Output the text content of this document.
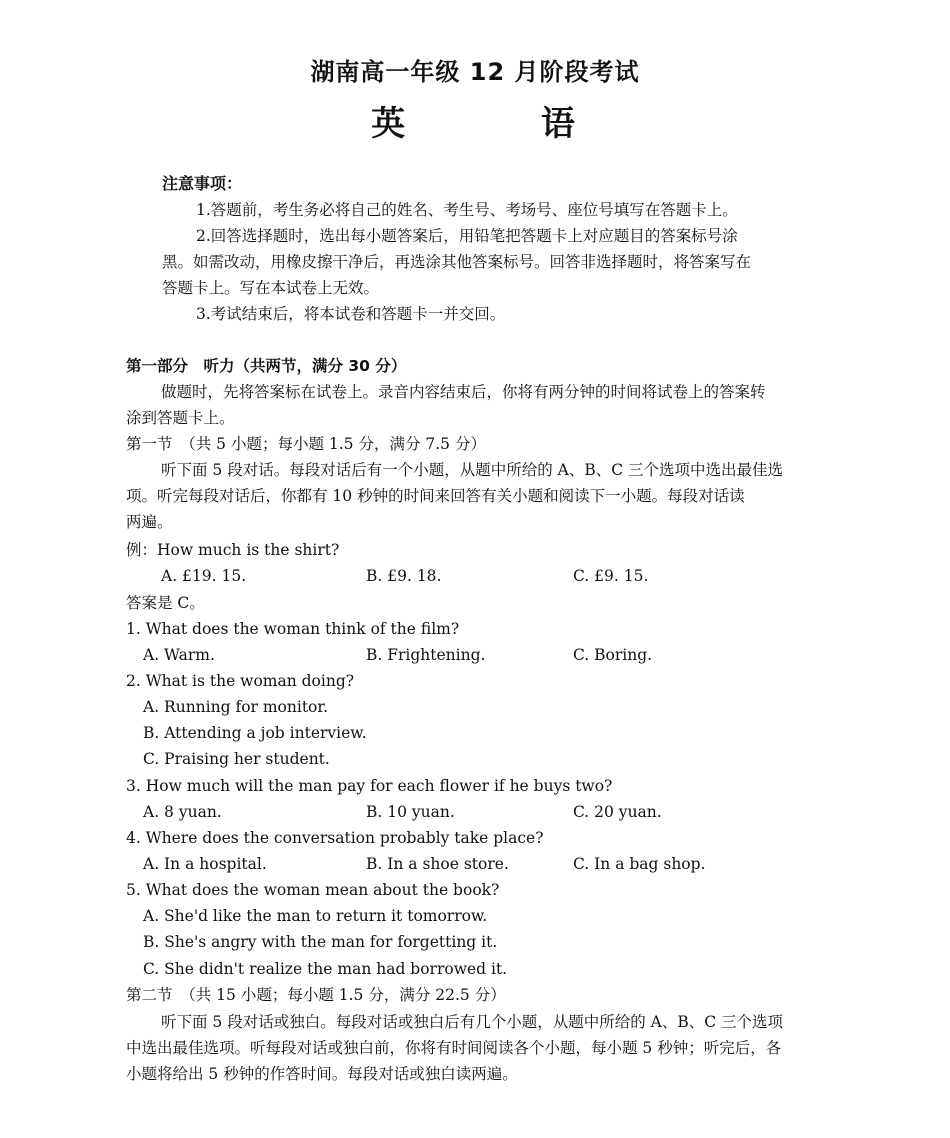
湖南高一年级 12 月阶段考试
英 语
注意事项：
1.答题前，考生务必将自己的姓名、考生号、考场号、座位号填写在答题卡上。
2.回答选择题时，选出每小题答案后，用铅笔把答题卡上对应题目的答案标号涂
黑。如需改动，用橡皮擦干净后，再选涂其他答案标号。回答非选择题时，将答案写在
答题卡上。写在本试卷上无效。
3.考试结束后，将本试卷和答题卡一并交回。
第一部分　听力（共两节，满分 30 分）
做题时，先将答案标在试卷上。录音内容结束后，你将有两分钟的时间将试卷上的答案转
涂到答题卡上。
第一节　（共 5 小题；每小题 1.5 分，满分 7.5 分）
听下面 5 段对话。每段对话后有一个小题，从题中所给的 A、B、C 三个选项中选出最佳选
项。听完每段对话后，你都有 10 秒钟的时间来回答有关小题和阅读下一小题。每段对话读
两遍。
例：How much is the shirt?
A. £19. 15.	B. £9. 18.	C. £9. 15.
答案是 C。
1. What does the woman think of the film?
A. Warm.	B. Frightening.	C. Boring.
2. What is the woman doing?
A. Running for monitor.
B. Attending a job interview.
C. Praising her student.
3. How much will the man pay for each flower if he buys two?
A. 8 yuan.	B. 10 yuan.	C. 20 yuan.
4. Where does the conversation probably take place?
A. In a hospital.	B. In a shoe store.	C. In a bag shop.
5. What does the woman mean about the book?
A. She'd like the man to return it tomorrow.
B. She's angry with the man for forgetting it.
C. She didn't realize the man had borrowed it.
第二节　（共 15 小题；每小题 1.5 分，满分 22.5 分）
听下面 5 段对话或独白。每段对话或独白后有几个小题，从题中所给的 A、B、C 三个选项
中选出最佳选项。听每段对话或独白前，你将有时间阅读各个小题，每小题 5 秒钟；听完后，各
小题将给出 5 秒钟的作答时间。每段对话或独白读两遍。
